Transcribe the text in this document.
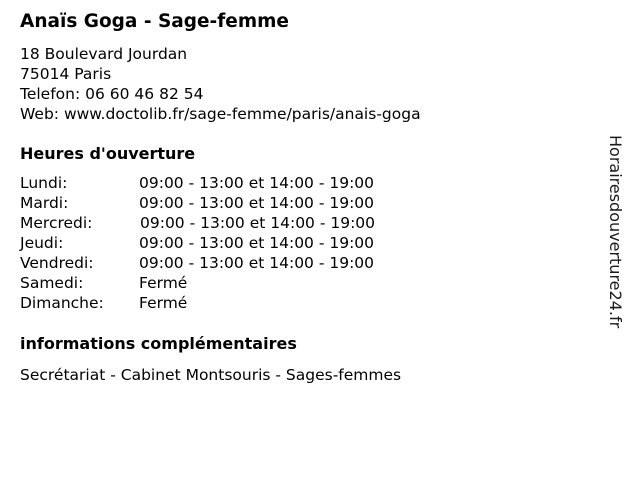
Anaïs Goga - Sage-femme
18 Boulevard Jourdan
75014 Paris
Telefon: 06 60 46 82 54
Web: www.doctolib.fr/sage-femme/paris/anais-goga
Heures d'ouverture
Lundi:	09:00 - 13:00 et 14:00 - 19:00
Mardi:	09:00 - 13:00 et 14:00 - 19:00
Mercredi:	09:00 - 13:00 et 14:00 - 19:00
Jeudi:	09:00 - 13:00 et 14:00 - 19:00
Vendredi:	09:00 - 13:00 et 14:00 - 19:00
Samedi:	Fermé
Dimanche: Fermé
informations complémentaires
Secrétariat - Cabinet Montsouris - Sages-femmes
Horairesdouverture24.fr
